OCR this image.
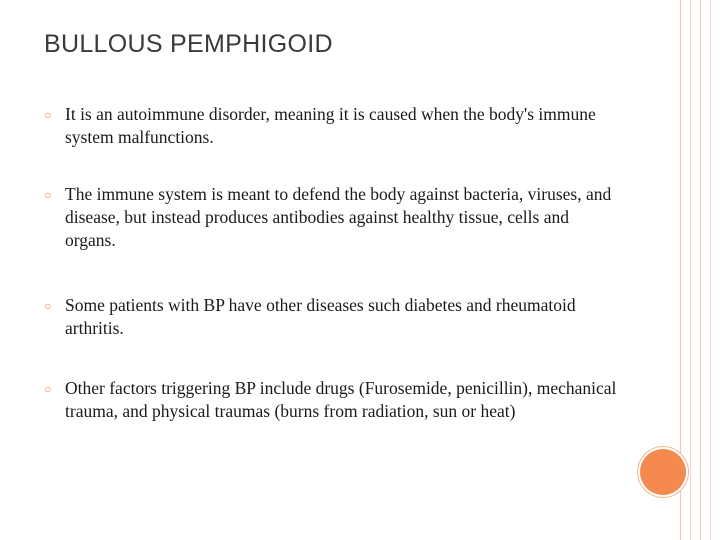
BULLOUS PEMPHIGOID
○ It is an autoimmune disorder, meaning it is caused when the body's immune system malfunctions.
○ The immune system is meant to defend the body against bacteria, viruses, and disease, but instead produces antibodies against healthy tissue, cells and organs.
○ Some patients with BP have other diseases such diabetes and rheumatoid arthritis.
○ Other factors triggering BP include drugs (Furosemide, penicillin), mechanical trauma, and physical traumas (burns from radiation, sun or heat)
